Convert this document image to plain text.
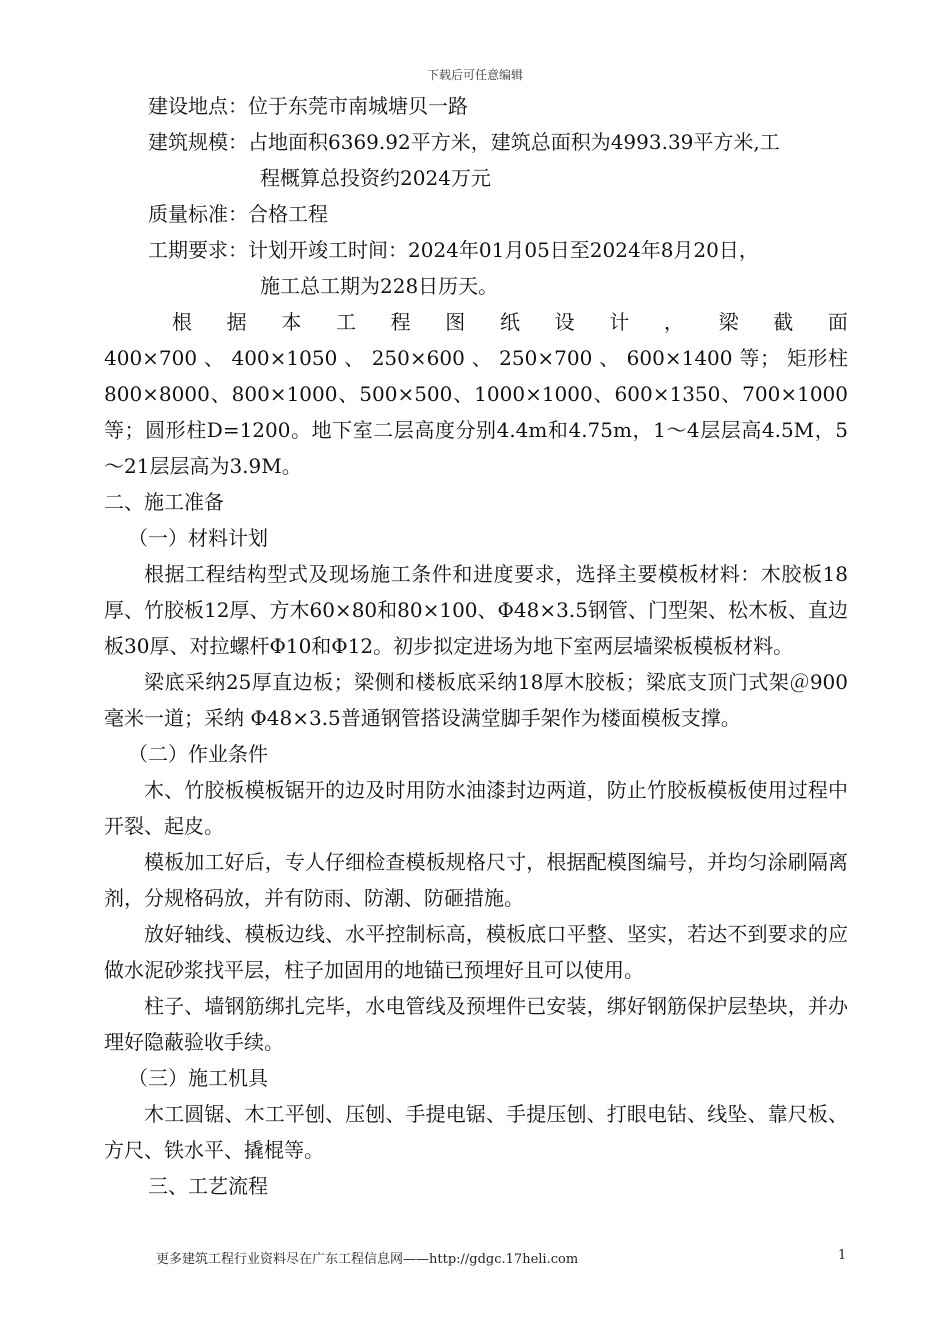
下载后可任意编辑
建设地点：位于东莞市南城塘贝一路
建筑规模：占地面积6369.92平方米，建筑总面积为4993.39平方米,工
程概算总投资约2024万元
质量标准：合格工程
工期要求：计划开竣工时间：2024年01月05日至2024年8月20日，
施工总工期为228日历天。
根 据 本 工 程 图 纸 设 计 ， 梁 截 面

400×700 、 400×1050 、 250×600 、 250×700 、 600×1400 等； 矩形柱800×8000、800×1000、500×500、1000×1000、600×1350、700×1000等；圆形柱D=1200。地下室二层高度分别4.4m和4.75m，1～4层层高4.5M，5～21层层高为3.9M。

二、施工准备
（一）材料计划

根据工程结构型式及现场施工条件和进度要求，选择主要模板材料：木胶板18厚、竹胶板12厚、方木60×80和80×100、Φ48×3.5钢管、门型架、松木板、直边板30厚、对拉螺杆Φ10和Φ12。初步拟定进场为地下室两层墙梁板模板材料。

梁底采纳25厚直边板；梁侧和楼板底采纳18厚木胶板；梁底支顶门式架＠900毫米一道；采纳 Φ48×3.5普通钢管搭设满堂脚手架作为楼面模板支撑。

（二）作业条件

木、竹胶板模板锯开的边及时用防水油漆封边两道，防止竹胶板模板使用过程中开裂、起皮。

模板加工好后，专人仔细检查模板规格尺寸，根据配模图编号，并均匀涂刷隔离剂，分规格码放，并有防雨、防潮、防砸措施。

放好轴线、模板边线、水平控制标高，模板底口平整、坚实，若达不到要求的应做水泥砂浆找平层，柱子加固用的地锚已预埋好且可以使用。

柱子、墙钢筋绑扎完毕，水电管线及预埋件已安装，绑好钢筋保护层垫块，并办理好隐蔽验收手续。

（三）施工机具

木工圆锯、木工平刨、压刨、手提电锯、手提压刨、打眼电钻、线坠、靠尺板、方尺、铁水平、撬棍等。

三、工艺流程
更多建筑工程行业资料尽在广东工程信息网——http://gdgc.17heli.com	1
